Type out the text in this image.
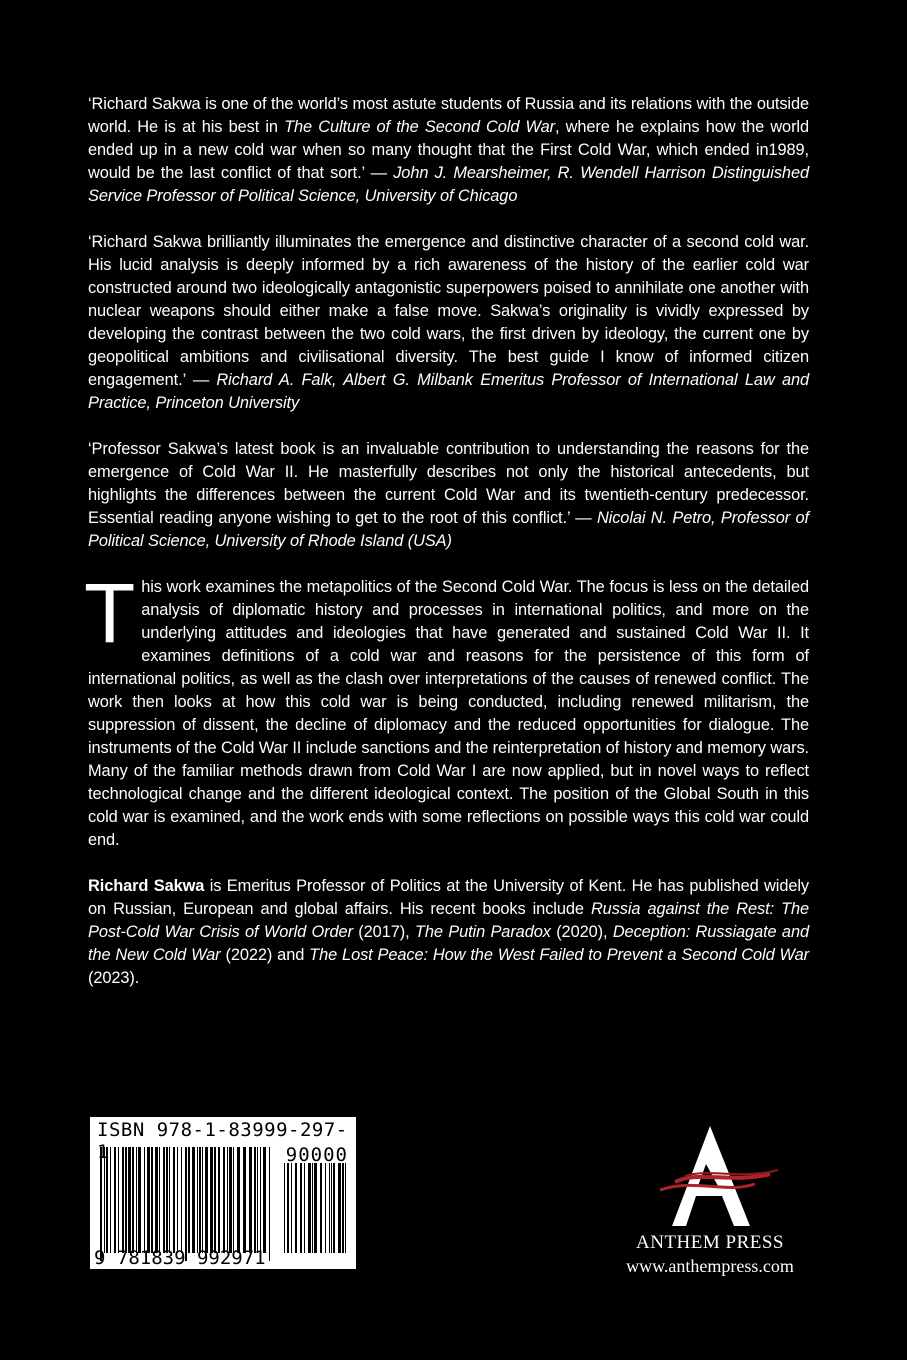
‘Richard Sakwa is one of the world’s most astute students of Russia and its relations with the outside world. He is at his best in The Culture of the Second Cold War, where he explains how the world ended up in a new cold war when so many thought that the First Cold War, which ended in1989, would be the last conflict of that sort.’ — John J. Mearsheimer, R. Wendell Harrison Distinguished Service Professor of Political Science, University of Chicago

‘Richard Sakwa brilliantly illuminates the emergence and distinctive character of a second cold war. His lucid analysis is deeply informed by a rich awareness of the history of the earlier cold war constructed around two ideologically antagonistic superpowers poised to annihilate one another with nuclear weapons should either make a false move. Sakwa’s originality is vividly expressed by developing the contrast between the two cold wars, the first driven by ideology, the current one by geopolitical ambitions and civilisational diversity. The best guide I know of informed citizen engagement.’ — Richard A. Falk, Albert G. Milbank Emeritus Professor of International Law and Practice, Princeton University

‘Professor Sakwa’s latest book is an invaluable contribution to understanding the reasons for the emergence of Cold War II. He masterfully describes not only the historical antecedents, but highlights the differences between the current Cold War and its twentieth-century predecessor. Essential reading anyone wishing to get to the root of this conflict.’ — Nicolai N. Petro, Professor of Political Science, University of Rhode Island (USA)

This work examines the metapolitics of the Second Cold War. The focus is less on the detailed analysis of diplomatic history and processes in international politics, and more on the underlying attitudes and ideologies that have generated and sustained Cold War II. It examines definitions of a cold war and reasons for the persistence of this form of international politics, as well as the clash over interpretations of the causes of renewed conflict. The work then looks at how this cold war is being conducted, including renewed militarism, the suppression of dissent, the decline of diplomacy and the reduced opportunities for dialogue. The instruments of the Cold War II include sanctions and the reinterpretation of history and memory wars. Many of the familiar methods drawn from Cold War I are now applied, but in novel ways to reflect technological change and the different ideological context. The position of the Global South in this cold war is examined, and the work ends with some reflections on possible ways this cold war could end.

Richard Sakwa is Emeritus Professor of Politics at the University of Kent. He has published widely on Russian, European and global affairs. His recent books include Russia against the Rest: The Post-Cold War Crisis of World Order (2017), The Putin Paradox (2020), Deception: Russiagate and the New Cold War (2022) and The Lost Peace: How the West Failed to Prevent a Second Cold War (2023).

ISBN 978-1-83999-297-1	90000
9 781839 992971
ANTHEM PRESS
www.anthempress.com
